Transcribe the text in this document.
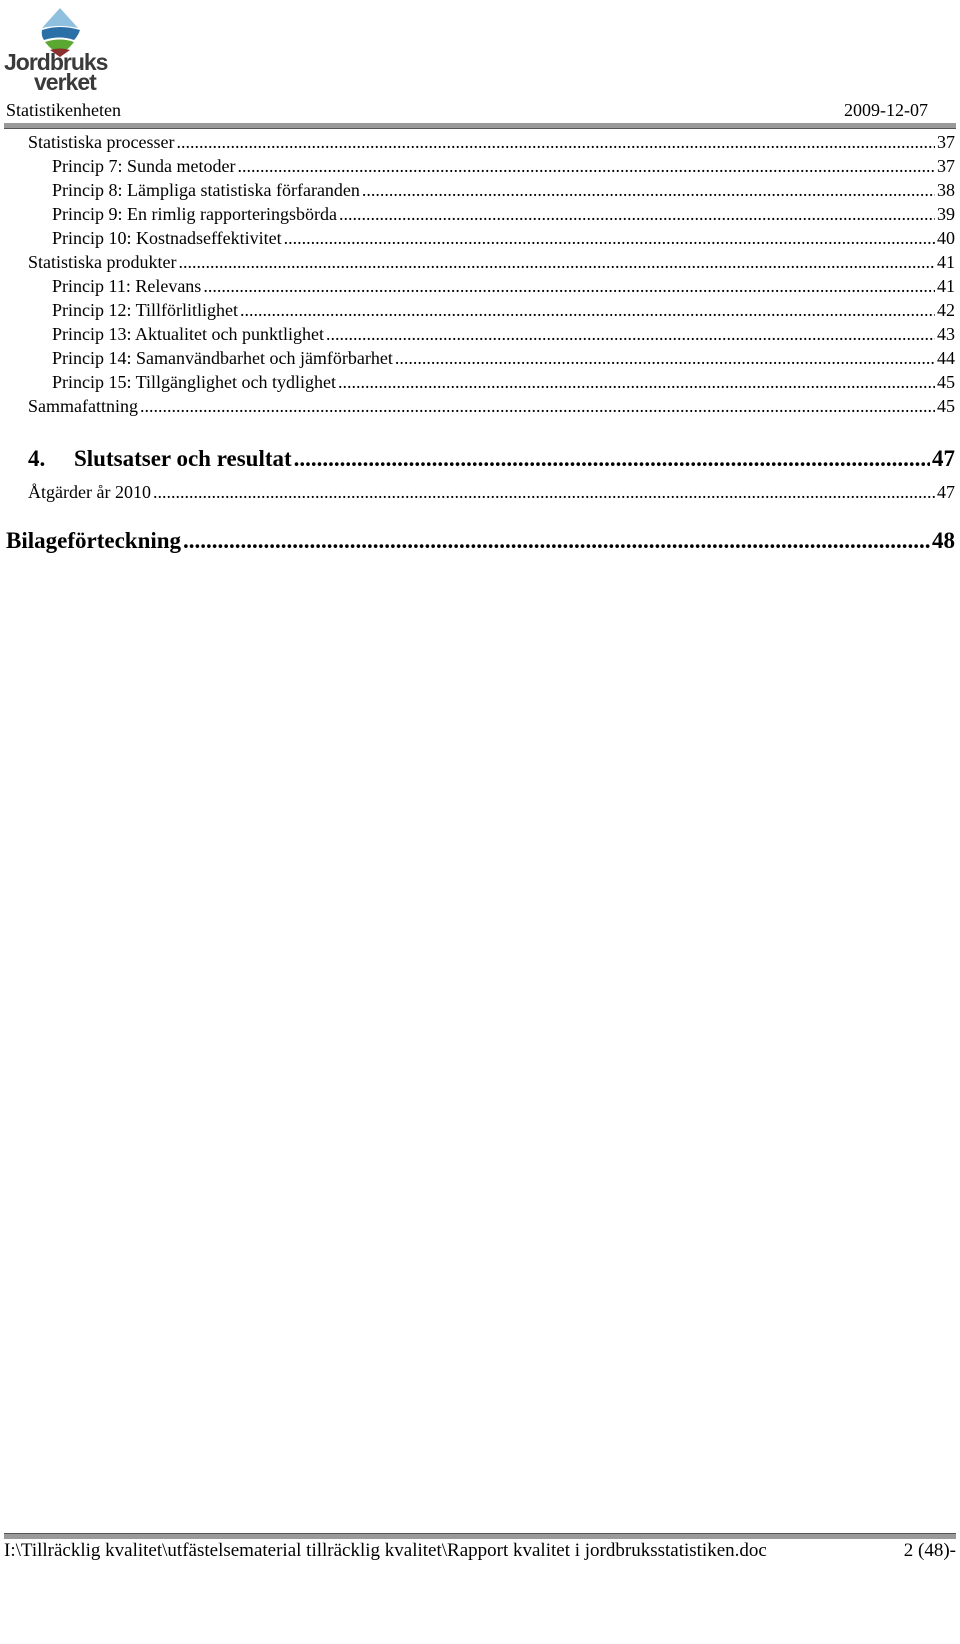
Jordbruks
verket
Statistikenheten	2009-12-07
Statistiska processer .....	37
Princip 7: Sunda metoder .....	37
Princip 8: Lämpliga statistiska förfaranden .....	38
Princip 9: En rimlig rapporteringsbörda .....	39
Princip 10: Kostnadseffektivitet .....	40
Statistiska produkter .....	41
Princip 11: Relevans .....	41
Princip 12: Tillförlitlighet .....	42
Princip 13: Aktualitet och punktlighet .....	43
Princip 14: Samanvändbarhet och jämförbarhet .....	44
Princip 15: Tillgänglighet och tydlighet .....	45
Sammafattning .....	45
4. Slutsatser och resultat .....	47
Åtgärder år 2010 .....	47
Bilageförteckning .....	48
I:\Tillräcklig kvalitet\utfästelsematerial tillräcklig kvalitet\Rapport kvalitet i jordbruksstatistiken.doc	2 (48)-
